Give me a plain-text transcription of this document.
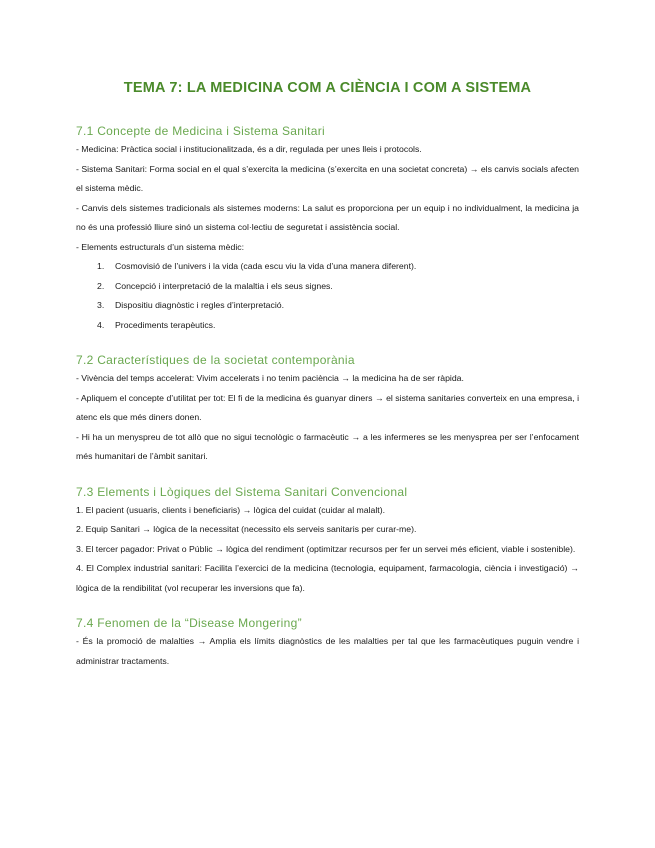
TEMA 7: LA MEDICINA COM A CIÈNCIA I COM A SISTEMA
7.1 Concepte de Medicina i Sistema Sanitari

- Medicina: Pràctica social i institucionalitzada, és a dir, regulada per unes lleis i protocols.

- Sistema Sanitari: Forma social en el qual s’exercita la medicina (s’exercita en una societat concreta) → els canvis socials afecten el sistema mèdic.

- Canvis dels sistemes tradicionals als sistemes moderns: La salut es proporciona per un equip i no individualment, la medicina ja no és una professió lliure sinó un sistema col·lectiu de seguretat i assistència social.

- Elements estructurals d’un sistema mèdic:

1.	Cosmovisió de l’univers i la vida (cada escu viu la vida d’una manera diferent).
2.	Concepció i interpretació de la malaltia i els seus signes.
3.	Dispositiu diagnòstic i regles d’interpretació.
4.	Procediments terapèutics.
7.2 Característiques de la societat contemporània

- Vivència del temps accelerat: Vivim accelerats i no tenim paciència → la medicina ha de ser ràpida.

- Apliquem el concepte d’utilitat per tot: El fi de la medicina és guanyar diners → el sistema sanitaries converteix en una empresa, i atenc els que més diners donen.

- Hi ha un menyspreu de tot allò que no sigui tecnològic o farmacèutic → a les infermeres se les menysprea per ser l’enfocament més humanitari de l’àmbit sanitari.

7.3 Elements i Lògiques del Sistema Sanitari Convencional

1. El pacient (usuaris, clients i beneficiaris) → lògica del cuidat (cuidar al malalt).

2. Equip Sanitari → lògica de la necessitat (necessito els serveis sanitaris per curar-me).

3. El tercer pagador: Privat o Públic → lògica del rendiment (optimitzar recursos per fer un servei més eficient, viable i sostenible).

4. El Complex industrial sanitari: Facilita l’exercici de la medicina (tecnologia, equipament, farmacologia, ciència i investigació) → lògica de la rendibilitat (vol recuperar les inversions que fa).

7.4 Fenomen de la “Disease Mongering”

- És la promoció de malalties → Amplia els límits diagnòstics de les malalties per tal que les farmacèutiques puguin vendre i administrar tractaments.
